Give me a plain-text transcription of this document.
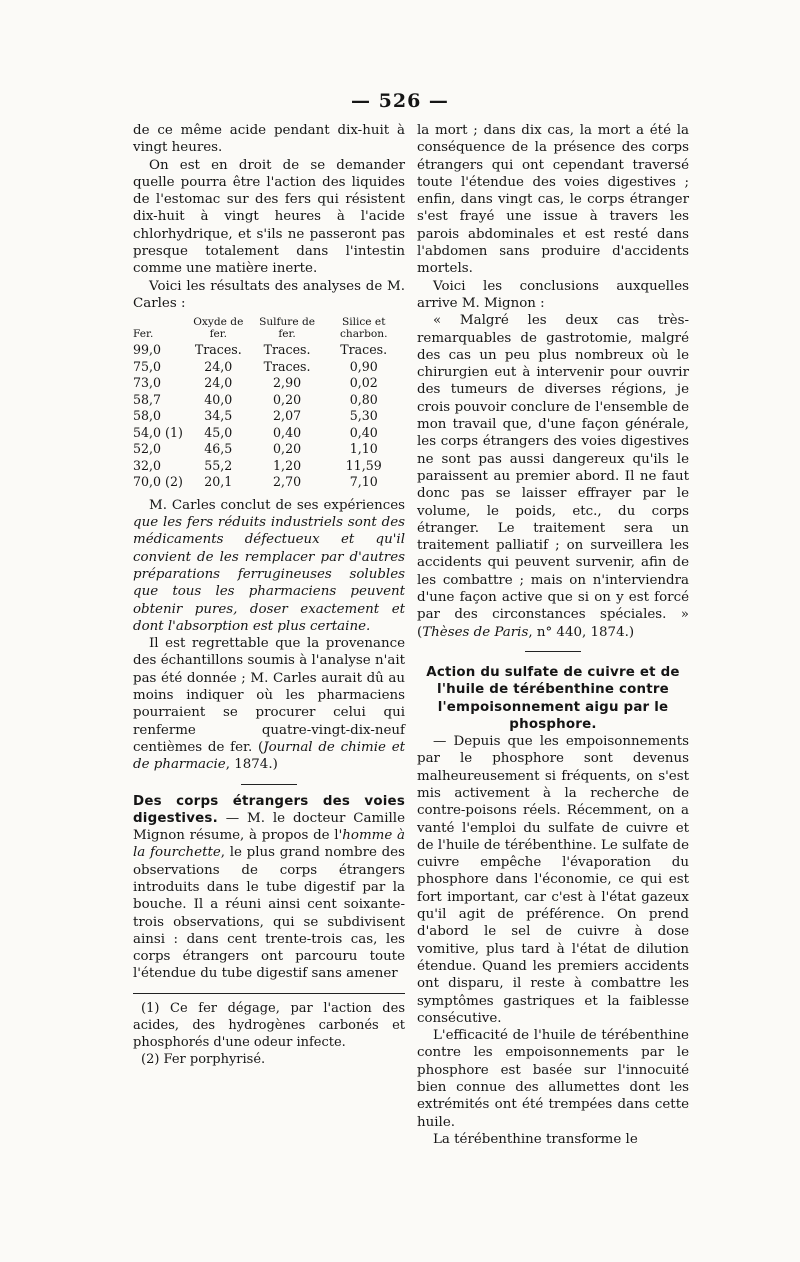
— 526 —

de ce même acide pendant dix-huit à vingt heures.

On est en droit de se demander quelle pourra être l'action des liquides de l'estomac sur des fers qui résistent dix-huit à vingt heures à l'acide chlorhydrique, et s'ils ne passeront pas presque totalement dans l'intestin comme une matière inerte.

Voici les résultats des analyses de M. Carles :

Fer.	Oxyde de fer.	Sulfure de fer.	Silice et charbon.
99,0	Traces.	Traces.	Traces.
75,0	24,0	Traces.	0,90
73,0	24,0	2,90	0,02
58,7	40,0	0,20	0,80
58,0	34,5	2,07	5,30
54,0 (1)	45,0	0,40	0,40
52,0	46,5	0,20	1,10
32,0	55,2	1,20	11,59
70,0 (2)	20,1	2,70	7,10

M. Carles conclut de ses expériences que les fers réduits industriels sont des médicaments défectueux et qu'il convient de les remplacer par d'autres préparations ferrugineuses solubles que tous les pharmaciens peuvent obtenir pures, doser exactement et dont l'absorption est plus certaine.

Il est regrettable que la provenance des échantillons soumis à l'analyse n'ait pas été donnée ; M. Carles aurait dû au moins indiquer où les pharmaciens pourraient se procurer celui qui renferme quatre-vingt-dix-neuf centièmes de fer. (Journal de chimie et de pharmacie, 1874.)

Des corps étrangers des voies digestives. — M. le docteur Camille Mignon résume, à propos de l'homme à la fourchette, le plus grand nombre des observations de corps étrangers introduits dans le tube digestif par la bouche. Il a réuni ainsi cent soixante-trois observations, qui se subdivisent ainsi : dans cent trente-trois cas, les corps étrangers ont parcouru toute l'étendue du tube digestif sans amener

(1) Ce fer dégage, par l'action des acides, des hydrogènes carbonés et phosphorés d'une odeur infecte.

(2) Fer porphyrisé.

la mort ; dans dix cas, la mort a été la conséquence de la présence des corps étrangers qui ont cependant traversé toute l'étendue des voies digestives ; enfin, dans vingt cas, le corps étranger s'est frayé une issue à travers les parois abdominales et est resté dans l'abdomen sans produire d'accidents mortels.

Voici les conclusions auxquelles arrive M. Mignon :

« Malgré les deux cas très-remarquables de gastrotomie, malgré des cas un peu plus nombreux où le chirurgien eut à intervenir pour ouvrir des tumeurs de diverses régions, je crois pouvoir conclure de l'ensemble de mon travail que, d'une façon générale, les corps étrangers des voies digestives ne sont pas aussi dangereux qu'ils le paraissent au premier abord. Il ne faut donc pas se laisser effrayer par le volume, le poids, etc., du corps étranger. Le traitement sera un traitement palliatif ; on surveillera les accidents qui peuvent survenir, afin de les combattre ; mais on n'interviendra d'une façon active que si on y est forcé par des circonstances spéciales. » (Thèses de Paris, n° 440, 1874.)

Action du sulfate de cuivre et de l'huile de térébenthine contre l'empoisonnement aigu par le phosphore.

— Depuis que les empoisonnements par le phosphore sont devenus malheureusement si fréquents, on s'est mis activement à la recherche de contre-poisons réels. Récemment, on a vanté l'emploi du sulfate de cuivre et de l'huile de térébenthine. Le sulfate de cuivre empêche l'évaporation du phosphore dans l'économie, ce qui est fort important, car c'est à l'état gazeux qu'il agit de préférence. On prend d'abord le sel de cuivre à dose vomitive, plus tard à l'état de dilution étendue. Quand les premiers accidents ont disparu, il reste à combattre les symptômes gastriques et la faiblesse consécutive.

L'efficacité de l'huile de térébenthine contre les empoisonnements par le phosphore est basée sur l'innocuité bien connue des allumettes dont les extrémités ont été trempées dans cette huile.

La térébenthine transforme le
